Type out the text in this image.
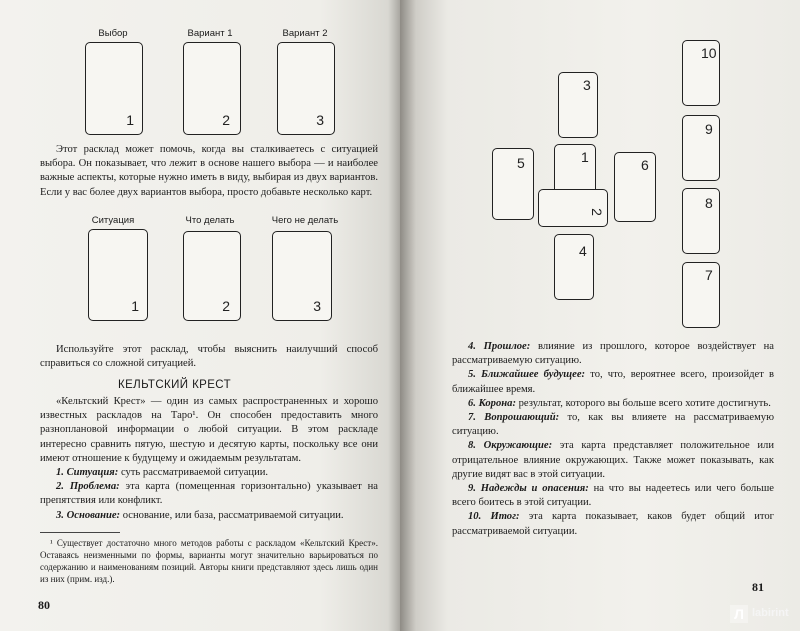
Выбор	Вариант 1	Вариант 2
1	2	3

Этот расклад может помочь, когда вы сталкиваетесь с ситуацией выбора. Он показывает, что лежит в основе нашего выбора — и наиболее важные аспекты, которые нужно иметь в виду, выбирая из двух вариантов. Если у вас более двух вариантов выбора, просто добавьте несколько карт.

Ситуация	Что делать	Чего не делать
1	2	3

Используйте этот расклад, чтобы выяснить наилучший способ справиться со сложной ситуацией.

КЕЛЬТСКИЙ КРЕСТ

«Кельтский Крест» — один из самых распространенных и хорошо известных раскладов на Таро¹. Он способен предоставить много разноплановой информации о любой ситуации. В этом раскладе интересно сравнить пятую, шестую и десятую карты, поскольку все они имеют отношение к будущему и ожидаемым результатам.

1. Ситуация: суть рассматриваемой ситуации.

2. Проблема: эта карта (помещенная горизонтально) указывает на препятствия или конфликт.

3. Основание: основание, или база, рассматриваемой ситуации.

¹ Существует достаточно много методов работы с раскладом «Кельтский Крест». Оставаясь неизменными по формы, варианты могут значительно варьироваться по содержанию и наименованиям позиций. Авторы книги представляют здесь лишь один из них (прим. изд.).

80
3
5	1
2
6
4
10
9
8
7

4. Прошлое: влияние из прошлого, которое воздействует на рассматриваемую ситуацию.

5. Ближайшее будущее: то, что, вероятнее всего, произойдет в ближайшее время.

6. Корона: результат, которого вы больше всего хотите достигнуть.

7. Вопрошающий: то, как вы влияете на рассматриваемую ситуацию.

8. Окружающие: эта карта представляет положительное или отрицательное влияние окружающих. Также может показывать, как другие видят вас в этой ситуации.

9. Надежды и опасения: на что вы надеетесь или чего больше всего боитесь в этой ситуации.

10. Итог: эта карта показывает, каков будет общий итог рассматриваемой ситуации.

81
Л labirint
